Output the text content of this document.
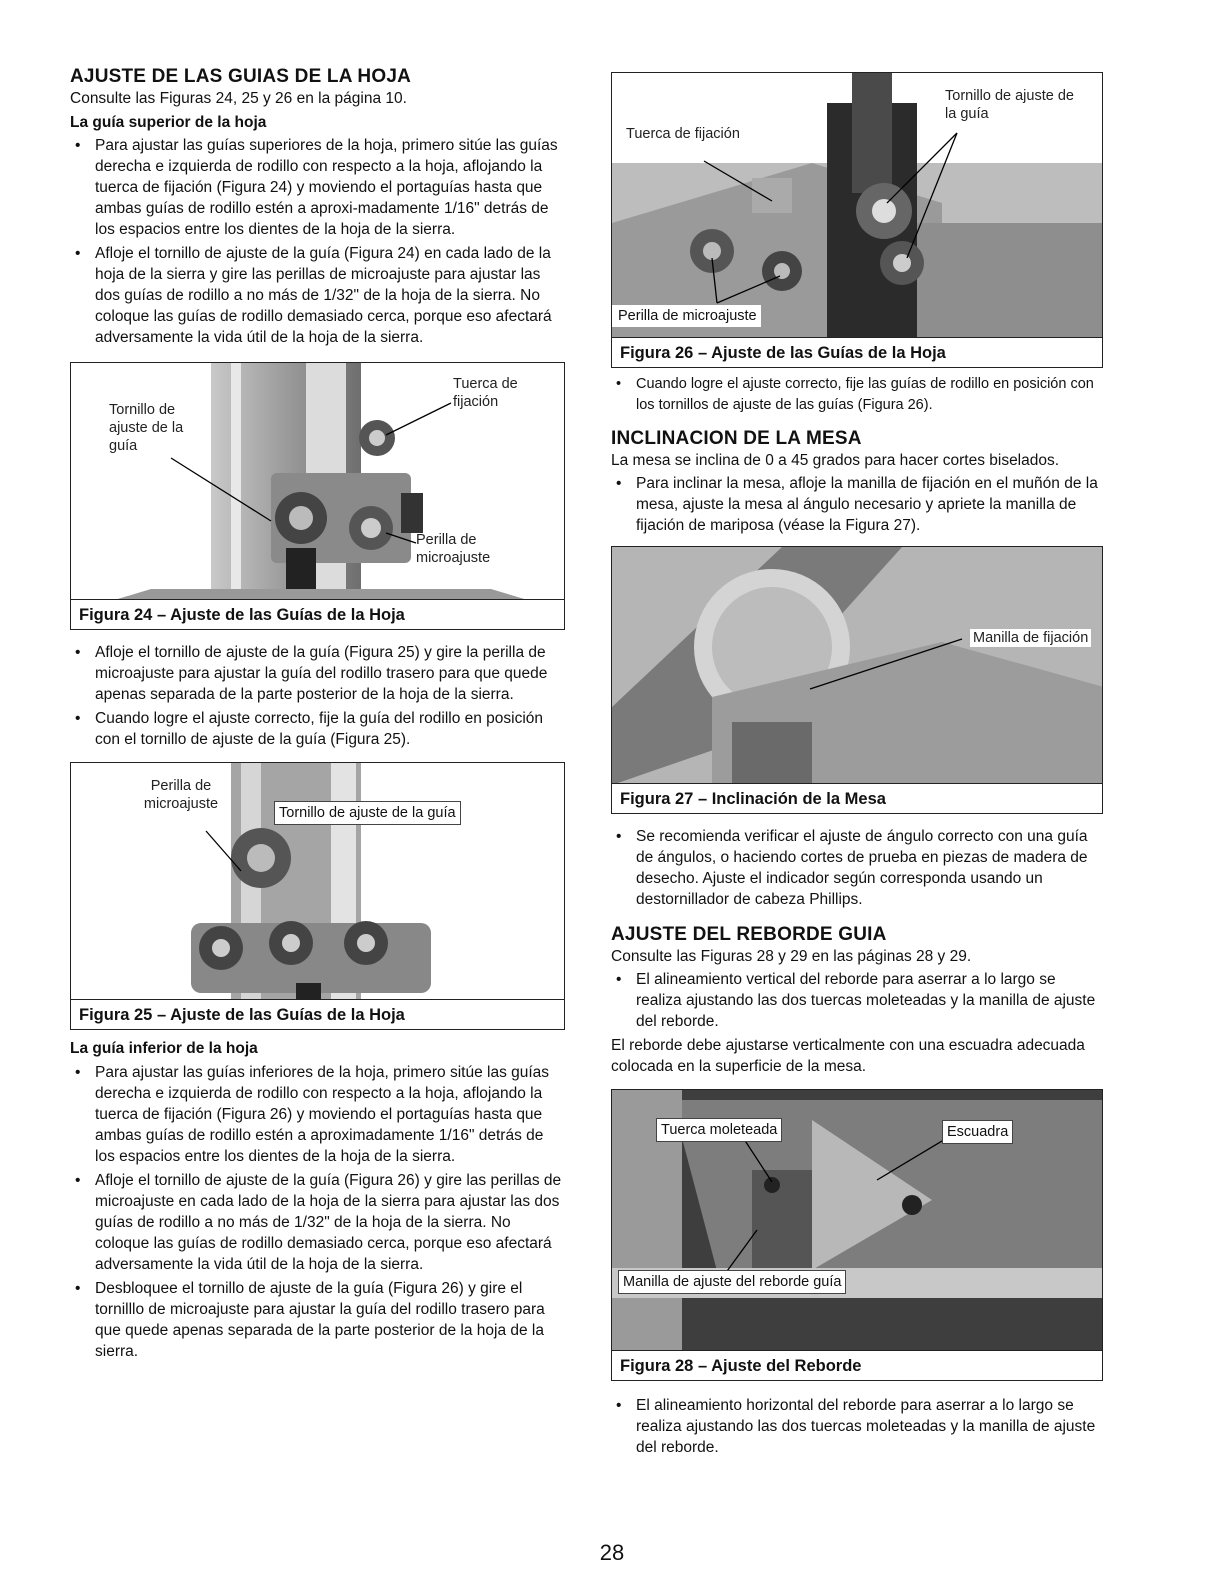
AJUSTE DE LAS GUIAS DE LA HOJA

Consulte las Figuras 24, 25 y 26 en la página 10.

La guía superior de la hoja
• Para ajustar las guías superiores de la hoja, primero sitúe las guías derecha e izquierda de rodillo con respecto a la hoja, aflojando la tuerca de fijación (Figura 24) y moviendo el portaguías hasta que ambas guías de rodillo estén a aproxi-madamente 1/16" detrás de los espacios entre los dientes de la hoja de la sierra.
• Afloje el tornillo de ajuste de la guía (Figura 24) en cada lado de la hoja de la sierra y gire las perillas de microajuste para ajustar las dos guías de rodillo a no más de 1/32" de la hoja de la sierra. No coloque las guías de rodillo demasiado cerca, porque eso afectará adversamente la vida útil de la hoja de la sierra.
Tornillo de ajuste de la guía
Tuerca de fijación
Perilla de microajuste
Figura 24 – Ajuste de las Guías de la Hoja
• Afloje el tornillo de ajuste de la guía (Figura 25) y gire la perilla de microajuste para ajustar la guía del rodillo trasero para que quede apenas separada de la parte posterior de la hoja de la sierra.
• Cuando logre el ajuste correcto, fije la guía del rodillo en posición con el tornillo de ajuste de la guía (Figura 25).
Perilla de microajuste
Tornillo de ajuste de la guía
Figura 25 – Ajuste de las Guías de la Hoja
La guía inferior de la hoja
• Para ajustar las guías inferiores de la hoja, primero sitúe las guías derecha e izquierda de rodillo con respecto a la hoja, aflojando la tuerca de fijación (Figura 26) y moviendo el portaguías hasta que ambas guías de rodillo estén a aproximadamente 1/16" detrás de los espacios entre los dientes de la hoja de la sierra.
• Afloje el tornillo de ajuste de la guía (Figura 26) y gire las perillas de microajuste en cada lado de la hoja de la sierra para ajustar las dos guías de rodillo a no más de 1/32" de la hoja de la sierra. No coloque las guías de rodillo demasiado cerca, porque eso afectará adversamente la vida útil de la hoja de la sierra.
• Desbloquee el tornillo de ajuste de la guía (Figura 26) y gire el tornilllo de microajuste para ajustar la guía del rodillo trasero para que quede apenas separada de la parte posterior de la hoja de la sierra.
Tornillo de ajuste de la guía
Tuerca de fijación
Perilla de microajuste
Figura 26 – Ajuste de las Guías de la Hoja
• Cuando logre el ajuste correcto, fije las guías de rodillo en posición con los tornillos de ajuste de las guías (Figura 26).
INCLINACION DE LA MESA

La mesa se inclina de 0 a 45 grados para hacer cortes biselados.

• Para inclinar la mesa, afloje la manilla de fijación en el muñón de la mesa, ajuste la mesa al ángulo necesario y apriete la manilla de fijación de mariposa (véase la Figura 27).
Manilla de fijación
Figura 27 – Inclinación de la Mesa
• Se recomienda verificar el ajuste de ángulo correcto con una guía de ángulos, o haciendo cortes de prueba en piezas de madera de desecho. Ajuste el indicador según corresponda usando un destornillador de cabeza Phillips.
AJUSTE DEL REBORDE GUIA

Consulte las Figuras 28 y 29 en las páginas 28 y 29.

• El alineamiento vertical del reborde para aserrar a lo largo se realiza ajustando las dos tuercas moleteadas y la manilla de ajuste del reborde.

El reborde debe ajustarse verticalmente con una escuadra adecuada colocada en la superficie de la mesa.

Tuerca moleteada	Escuadra
Manilla de ajuste del reborde guía
Figura 28 – Ajuste del Reborde
• El alineamiento horizontal del reborde para aserrar a lo largo se realiza ajustando las dos tuercas moleteadas y la manilla de ajuste del reborde.
28
